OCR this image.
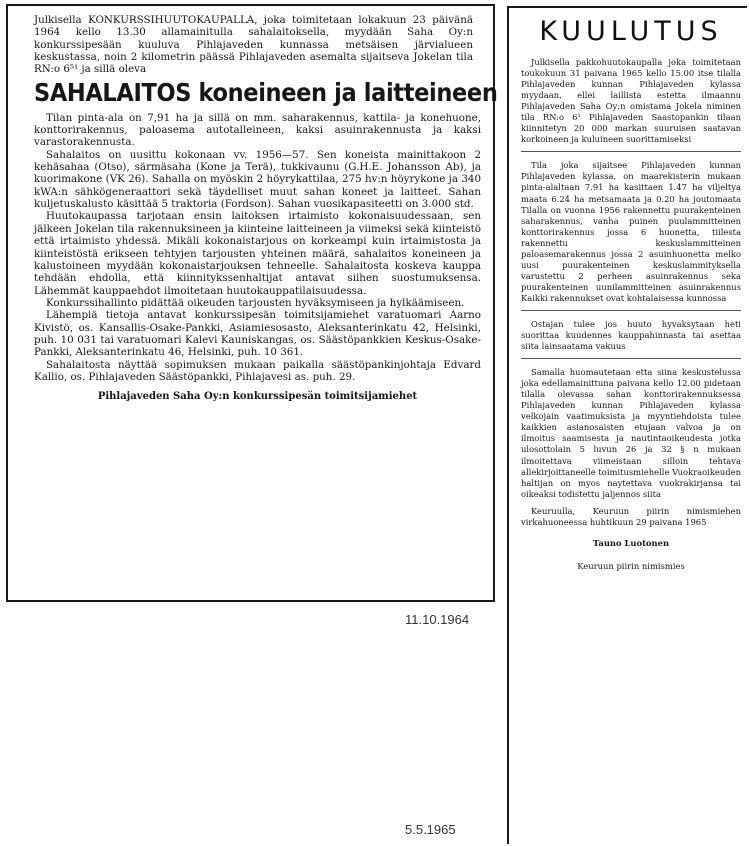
Julkisella KONKURSSIHUUTOKAUPALLA, joka toimitetaan lokakuun 23 päivänä 1964 kello 13.30 allamainitulla sahalaitoksella, myydään Saha Oy:n konkurssipesään kuuluva Pihlajaveden kunnassa metsäisen järvialueen keskustassa, noin 2 kilometrin päässä Pihlajaveden asemalta sijaitseva Jokelan tila RN:o 6⁵¹ ja sillä oleva
SAHALAITOS koneineen ja laitteineen

Tilan pinta-ala on 7,91 ha ja sillä on mm. saharakennus, kattila- ja konehuone, konttorirakennus, paloasema autotalleineen, kaksi asuinrakennusta ja kaksi varastorakennusta.

Sahalaitos on uusittu kokonaan vv. 1956—57. Sen koneista mainittakoon 2 kehäsahaa (Otso), särmäsaha (Kone ja Terä), tukkivaunu (G.H.E. Johansson Ab), ja kuorimakone (VK 26). Sahalla on myöskin 2 höyrykattilaa, 275 hv:n höyrykone ja 340 kWA:n sähkögeneraattori sekä täydelliset muut sahan koneet ja laitteet. Sahan kuljetuskalusto käsittää 5 traktoria (Fordson). Sahan vuosikapasiteetti on 3.000 std.

Huutokaupassa tarjotaan ensin laitoksen irtaimisto kokonaisuudessaan, sen jälkeen Jokelan tila rakennuksineen ja kiinteine laitteineen ja viimeksi sekä kiinteistö että irtaimisto yhdessä. Mikäli kokonaistarjous on korkeampi kuin irtaimistosta ja kiinteistöstä erikseen tehtyjen tarjousten yhteinen määrä, sahalaitos koneineen ja kalustoineen myydään kokonaistarjouksen tehneelle. Sahalaitosta koskeva kauppa tehdään ehdolla, että kiinnitykssenhaltijat antavat siihen suostumuksensa. Lähemmät kauppaehdot ilmoitetaan huutokauppatilaisuudessa.

Konkurssihallinto pidättää oikeuden tarjousten hyväksymiseen ja hylkäämiseen.

Lähempiä tietoja antavat konkurssipesän toimitsijamiehet varatuomari Aarno Kivistö, os. Kansallis-Osake-Pankki, Asiamiesosasto, Aleksanterinkatu 42, Helsinki, puh. 10 031 tai varatuomari Kalevi Kauniskangas, os. Säästöpankkien Keskus-Osake-Pankki, Aleksanterinkatu 46, Helsinki, puh. 10 361.

Sahalaitosta näyttää sopimuksen mukaan paikalla säästöpankinjohtaja Edvard Kallio, os. Pihlajaveden Säästöpankki, Pihlajavesi as. puh. 29.

Pihlajaveden Saha Oy:n konkurssipesän toimitsijamiehet
11.10.1964
KUULUTUS

Julkisella pakkohuutokaupalla joka toimitetaan toukokuun 31 paivana 1965 kello 15.00 itse tilalla Pihlajaveden kunnan Pihlajaveden kylassa myydaan, ellei laillista estetta ilmaannu Pihlajaveden Saha Oy:n omistama Jokela niminen tila RN:o 6¹ Pihlajaveden Saastopankin tilaan kiinnitetyn 20 000 markan suuruisen saatavan korkoineen ja kuluineen suorittamiseksi

Tila joka sijaitsee Pihlajaveden kunnan Pihlajaveden kylassa, on maarekisterin mukaan pinta-alaltaan 7.91 ha kasittaen 1.47 ha viljeltya maata 6.24 ha metsamaata ja 0.20 ha joutomaata Tilalla on vuonna 1956 rakennettu puurakenteinen saharakennus, vanha puinen puulammitteinen konttorirakennus jossa 6 huonetta, tiilesta rakennettu keskuslammitteinen paloasemarakennus jossa 2 asuinhuonetta melko uusi puurakenteinen keskuslammityksella varustettu 2 perheen asuinrakennus seka puurakenteinen uunilammitteinen asuinrakennus Kaikki rakennukset ovat kohtalaisessa kunnossa

Ostajan tulee jos huuto hyvaksytaan heti suorittaa kuudennes kauppahinnasta tai asettaa siita lainsaatama vakuus

Samalla huomautetaan etta siina keskustelussa joka edellamainittuna paivana kello 12.00 pidetaan tilalla olevassa sahan konttorirakennuksessa Pihlajaveden kunnan Pihlajaveden kylassa velkojain vaatimuksista ja myyntiehdoista tulee kaikkien asianosaisten etujaan valvoa ja on ilmoitus saamisesta ja nautintaoikeudesta jotka ulosottolain 5 luvun 26 ja 32 § n mukaan ilmoitettava viimeistaan silloin tehtava allekirjoittaneelle toimitusmiehelle Vuokraoikeuden haltijan on myos naytettava vuokrakirjansa tai oikeaksi todistettu jaljennos siita

Keuruulla, Keuruun piirin nimismiehen virkahuoneessa huhtikuun 29 paivana 1965

Tauno Luotonen
Keuruun piirin nimismies
5.5.1965
